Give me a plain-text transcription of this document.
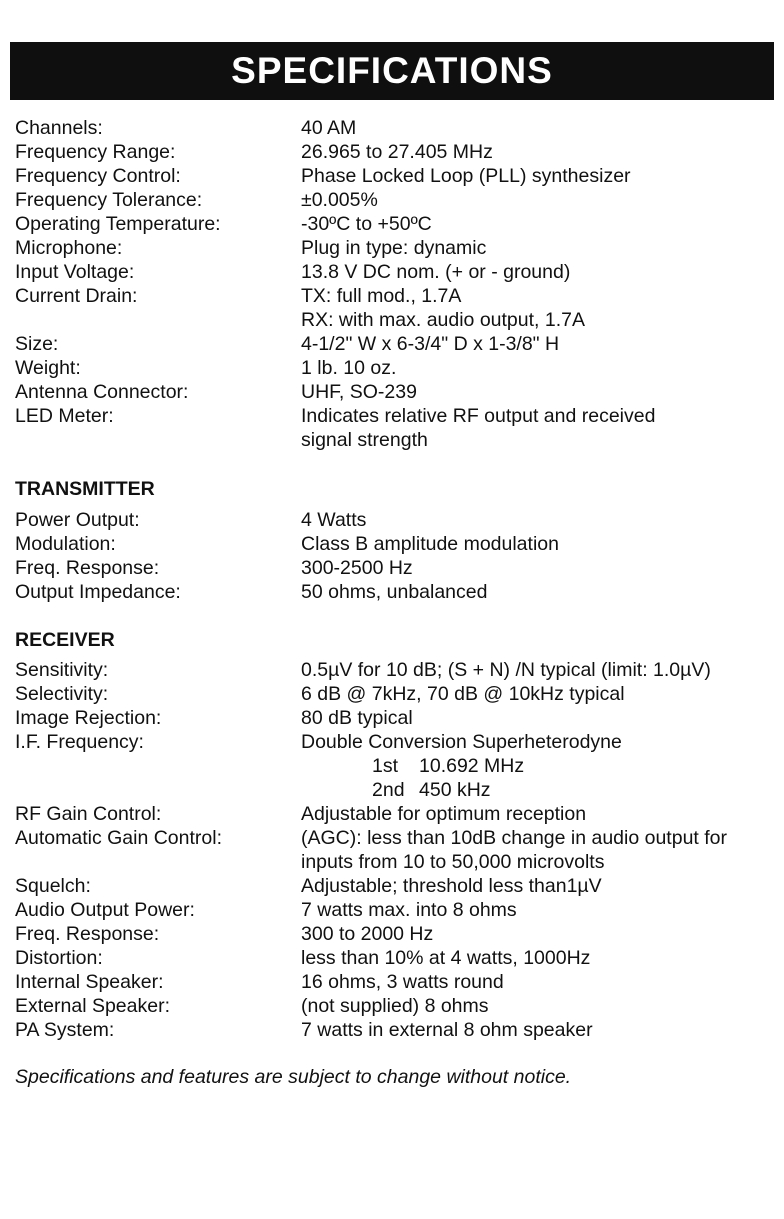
SPECIFICATIONS
Channels:	40 AM
Frequency Range:	26.965 to 27.405 MHz
Frequency Control:	Phase Locked Loop (PLL) synthesizer
Frequency Tolerance:	±0.005%
Operating Temperature:	-30ºC to +50ºC
Microphone:	Plug in type: dynamic
Input Voltage:	13.8 V DC nom. (+ or - ground)
Current Drain:	TX: full mod., 1.7A
RX: with max. audio output, 1.7A
Size:	4-1/2" W x 6-3/4" D x 1-3/8" H
Weight:	1 lb. 10 oz.
Antenna Connector:	UHF, SO-239
LED Meter:	Indicates relative RF output and received
signal strength
TRANSMITTER
Power Output:	4 Watts
Modulation:	Class B amplitude modulation
Freq. Response:	300-2500 Hz
Output Impedance:	50 ohms, unbalanced
RECEIVER
Sensitivity:	0.5µV for 10 dB; (S + N) /N typical (limit: 1.0µV)
Selectivity:	6 dB @ 7kHz, 70 dB @ 10kHz typical
Image Rejection:	80 dB typical
I.F. Frequency:	Double Conversion Superheterodyne
1st 10.692 MHz
2nd 450 kHz
RF Gain Control:	Adjustable for optimum reception
Automatic Gain Control:	(AGC): less than 10dB change in audio output for
inputs from 10 to 50,000 microvolts
Squelch:	Adjustable; threshold less than1µV
Audio Output Power:	7 watts max. into 8 ohms
Freq. Response:	300 to 2000 Hz
Distortion:	less than 10% at 4 watts, 1000Hz
Internal Speaker:	16 ohms, 3 watts round
External Speaker:	(not supplied) 8 ohms
PA System:	7 watts in external 8 ohm speaker
Specifications and features are subject to change without notice.
